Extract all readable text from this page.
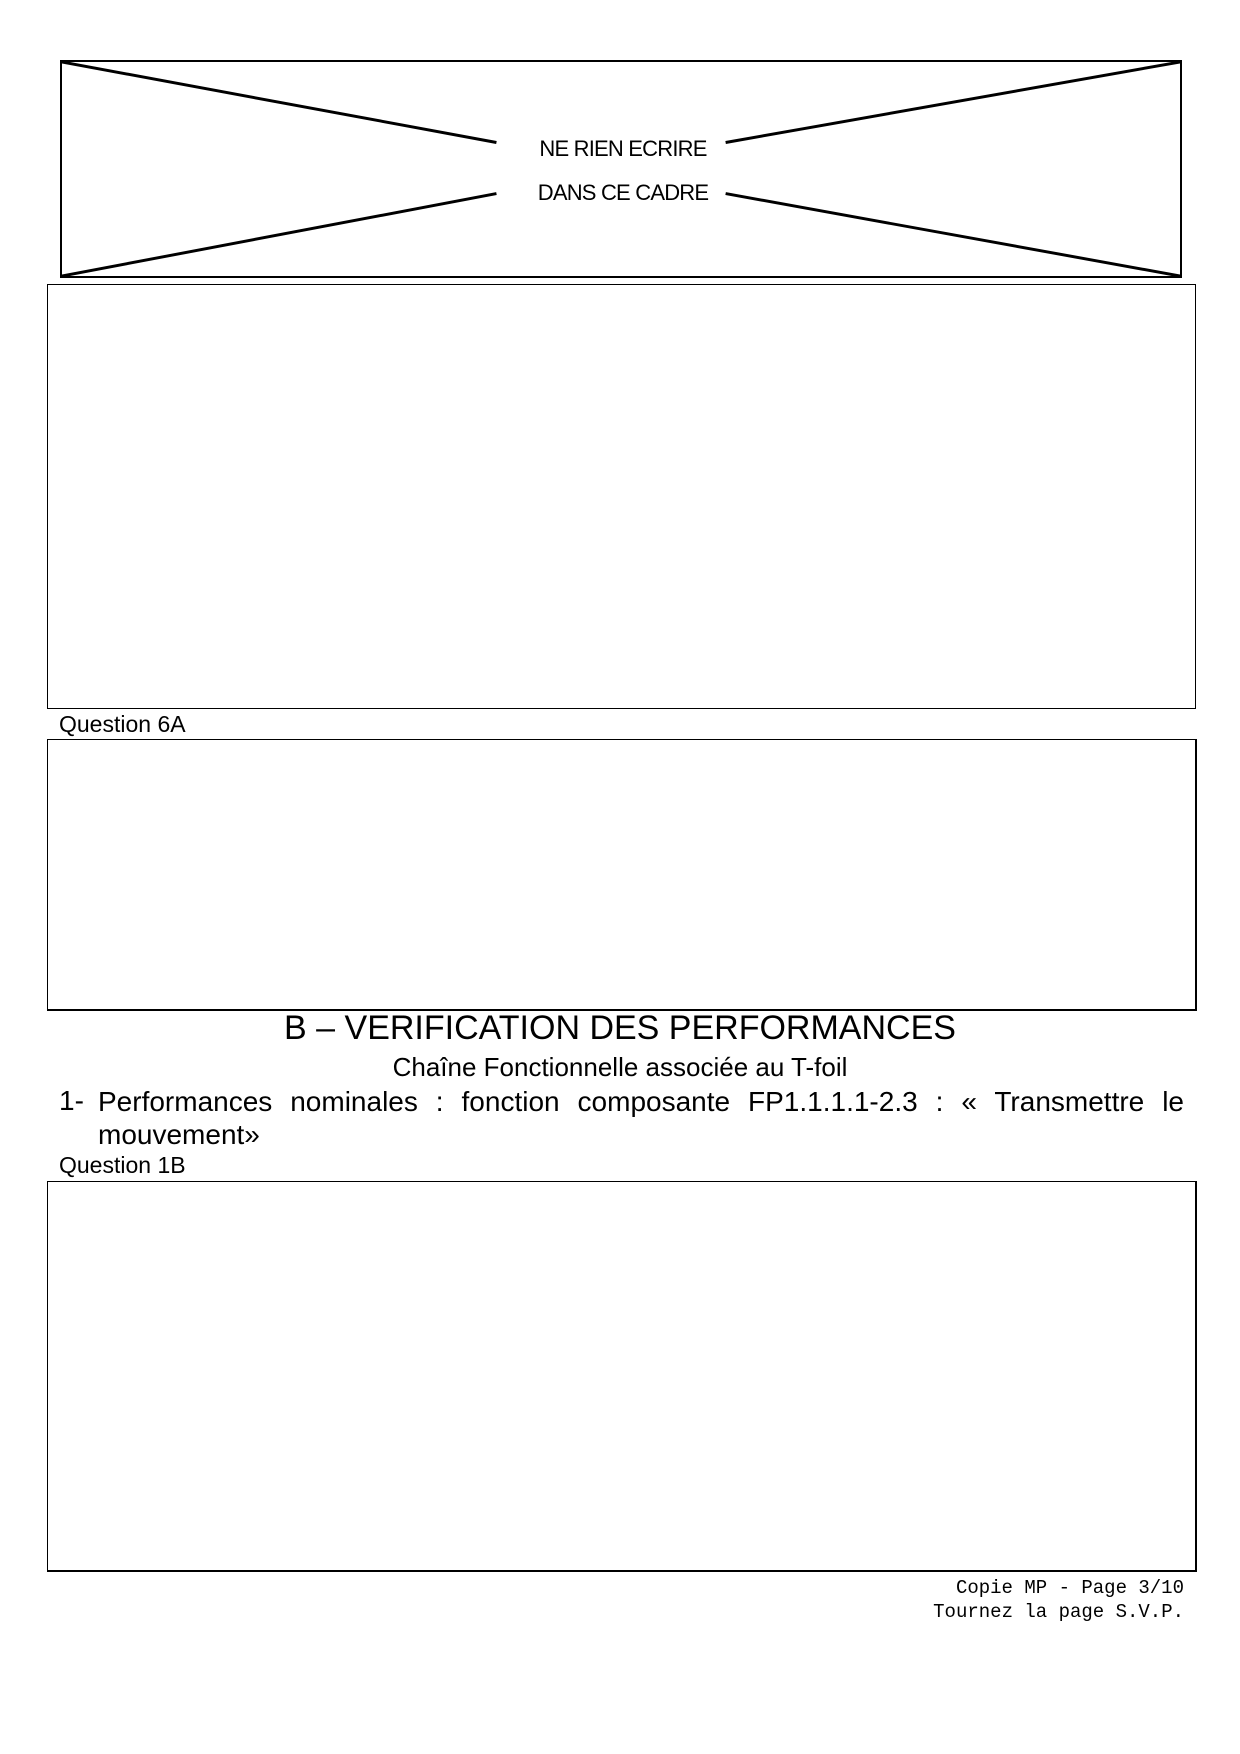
NE RIEN ECRIRE
DANS CE CADRE
Question 6A
B – VERIFICATION DES PERFORMANCES
Chaîne Fonctionnelle associée au T-foil
1- Performances nominales : fonction composante FP1.1.1.1-2.3 : « Transmettre le
mouvement»
Question 1B
Copie MP - Page 3/10
Tournez la page S.V.P.
